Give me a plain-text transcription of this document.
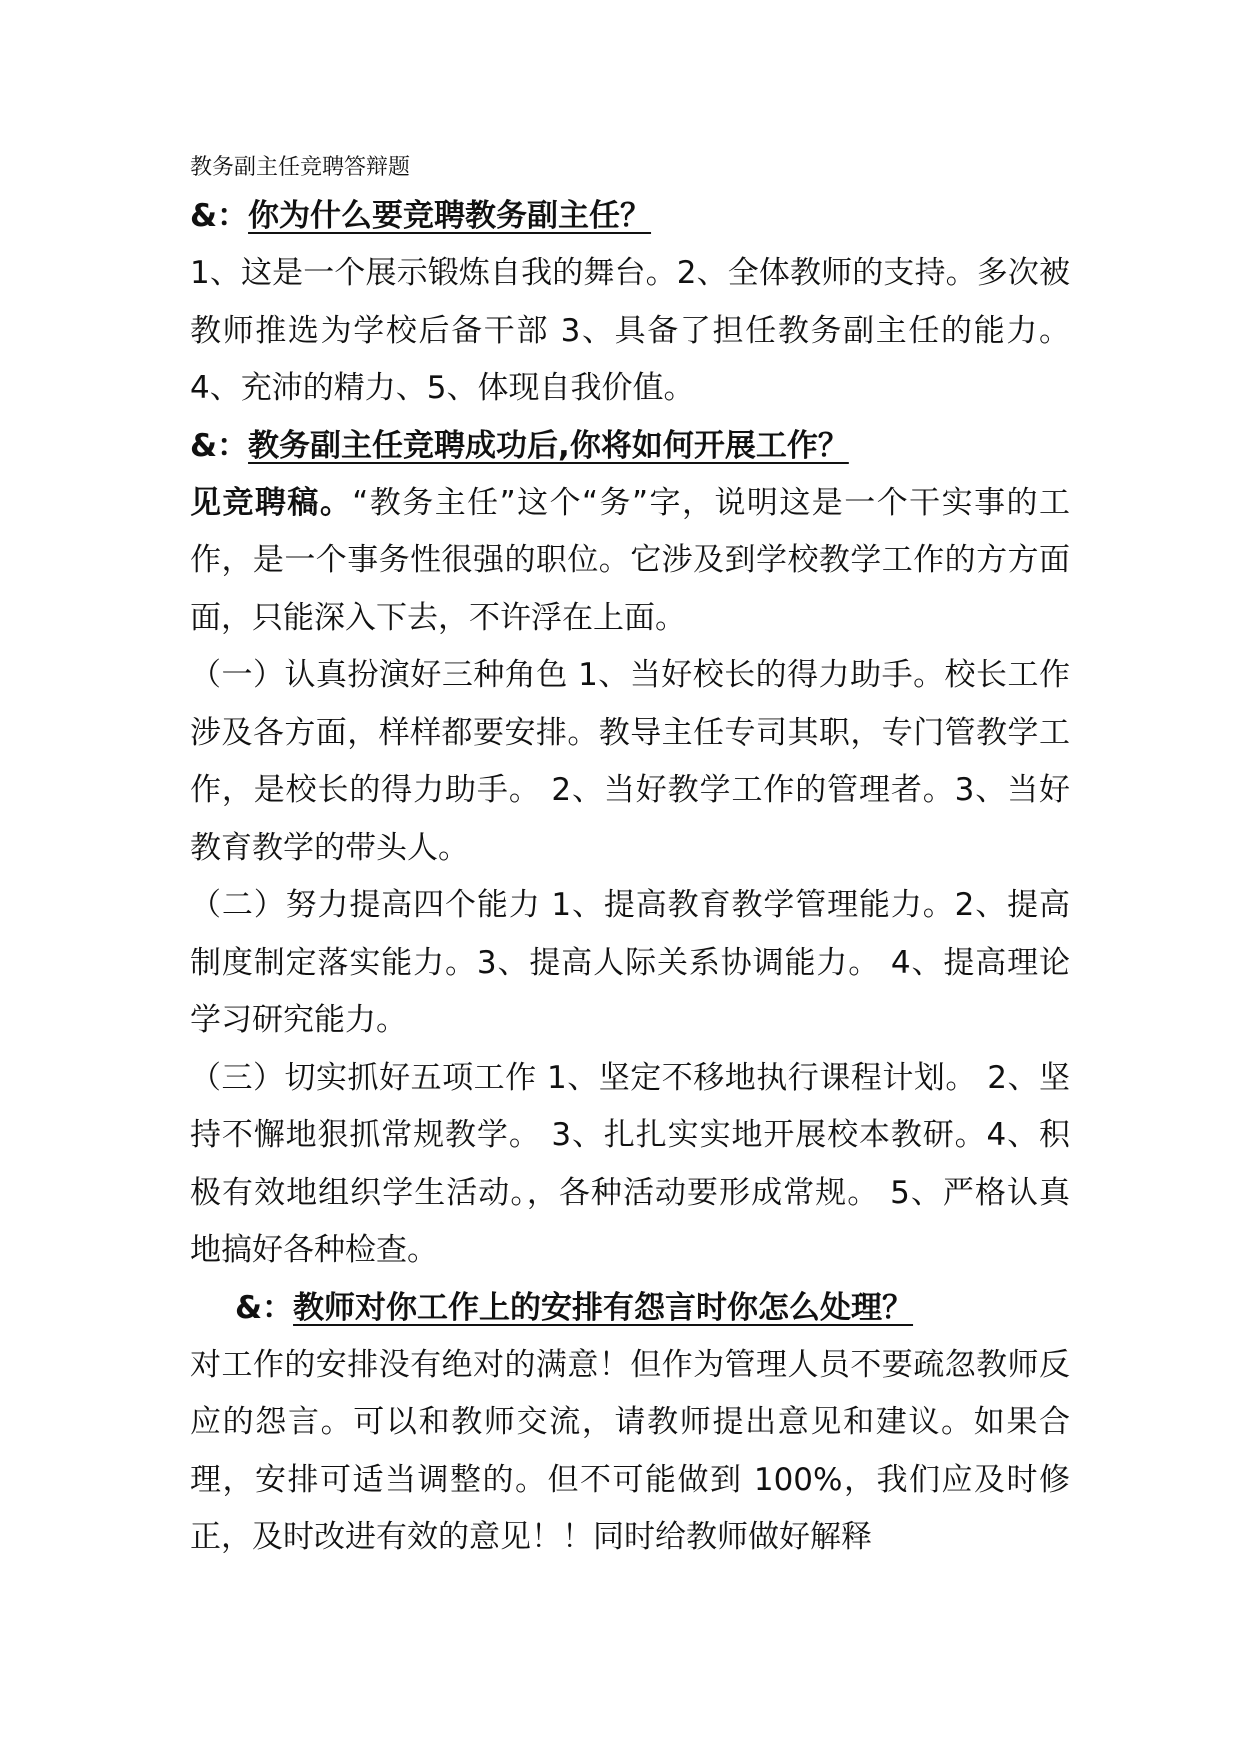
教务副主任竞聘答辩题
&：你为什么要竞聘教务副主任？

1、这是一个展示锻炼自我的舞台。2、全体教师的支持。多次被教师推选为学校后备干部 3、具备了担任教务副主任的能力。4、充沛的精力、5、体现自我价值。

&：教务副主任竞聘成功后,你将如何开展工作？

见竞聘稿。“教务主任”这个“务”字，说明这是一个干实事的工作，是一个事务性很强的职位。它涉及到学校教学工作的方方面面，只能深入下去，不许浮在上面。

（一）认真扮演好三种角色 1、当好校长的得力助手。校长工作涉及各方面，样样都要安排。教导主任专司其职，专门管教学工作，是校长的得力助手。 2、当好教学工作的管理者。3、当好教育教学的带头人。

（二）努力提高四个能力 1、提高教育教学管理能力。2、提高制度制定落实能力。3、提高人际关系协调能力。 4、提高理论学习研究能力。

（三）切实抓好五项工作 1、坚定不移地执行课程计划。 2、坚持不懈地狠抓常规教学。 3、扎扎实实地开展校本教研。4、积极有效地组织学生活动。，各种活动要形成常规。 5、严格认真地搞好各种检查。

&：教师对你工作上的安排有怨言时你怎么处理？

对工作的安排没有绝对的满意！但作为管理人员不要疏忽教师反应的怨言。可以和教师交流，请教师提出意见和建议。如果合理，安排可适当调整的。但不可能做到 100%，我们应及时修正，及时改进有效的意见！！同时给教师做好解释
